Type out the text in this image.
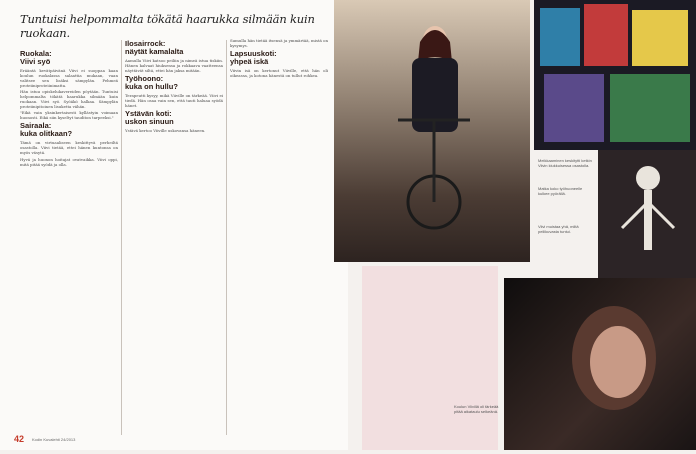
Tuntuisi helpommalta tökätä haarukka silmään kuin ruokaan.
Ruokala:
Viivi syö

Erääntä kevätpäivänä Viivi ei suoppaa kaan koulun ruokalassa salaattia mukaan, vaan valitsee sen lisäksi sämpylän. Pehmeä proteiiniproteiinimatta.

Hän istuu opiskelukavereiden pöytään. Tuntuisi helpommalta tökätä haarukka silmään kuin ruokaan. Viivi syö. Syöäkö halkaa. Sämpylän proteiinipitoinen lisuketta vähän.

"Eikä vain yksinkertaisesti kyllästyin voimaan huonosti. Eikä siin kyseltyt tauditon tarpeeksi."

Sairaala:
kuka olitkaan?

Tämä on virtuaaliseen keskittyvä perheiltä osastolla. Viivi tietää, ettei hänen kuntonsa on myös väsytä.

Hyvä ja huonon hoitajat ovatvaikka. Viivi oppi, mitä pitää syödä ja olla.

Ilosairrock:
näytät kamalalta

Aamulla Viivi katsoo peiliin ja nimeä istua tiskiin. Hänen kalvaat hiuksensa ja rokkaava vaatteensa näyttävät siltä, ettei hän jaksa mitään.

Työhoono:
kuka on hullu?

Terapeutti kysyy, mikä Viiville on tärkeää. Viivi ei tiedä. Hän osaa vain sen, että tauti haluaa syödä hänet.

Ystävän koti:
uskon sinuun

Ystävä kertoo Viiville uskovansa häneen.

Sumulla hän tietää itsensä ja ymmärtää, mistä on kysymys.

Lapsuuskoti:
yhpeä iskä

Viivin isä on kertonut Viiville, että hän oli oikeassa, ja kotona hänestä on tullut rohkea.

42 Kodin Kuvalehti 24/2013
Meikkaaminen keskitytti ketkin Viivin kiukkuisessa osastolla.
Matka koko työhuoneelle kulkee pyörällä.
Viivi muistaa yhä, miltä peilikuvasta tuntui.
Koulun Viivillä oli tärkeää pitää aikataulu selkeänä.
